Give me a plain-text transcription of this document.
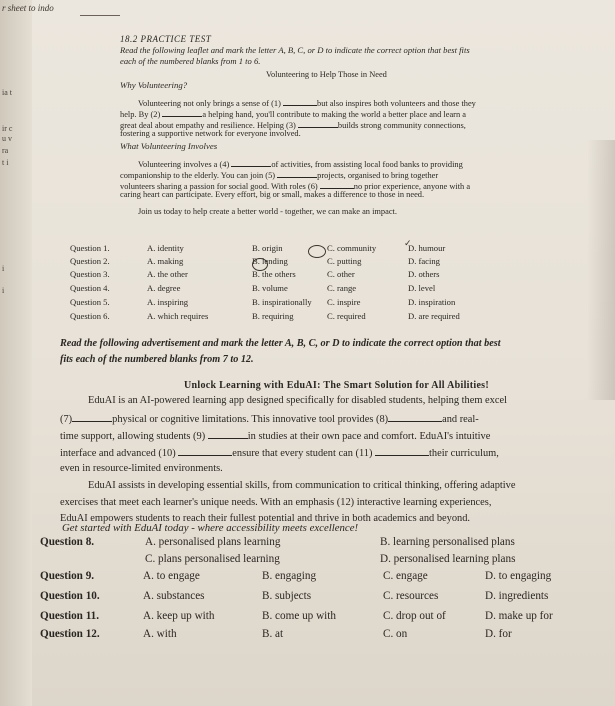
r sheet to indo
ia t
ir c
u v
ra
t i
i
i
18.2 PRACTICE TEST
Read the following leaflet and mark the letter A, B, C, or D to indicate the correct option that best fits
each of the numbered blanks from 1 to 6.
Volunteering to Help Those in Need
Why Volunteering?
Volunteering not only brings a sense of (1)	but also inspires both volunteers and those they
help. By (2)	a helping hand, you'll contribute to making the world a better place and learn a
great deal about empathy and resilience. Helping (3)	builds strong community connections,
fostering a supportive network for everyone involved.
What Volunteering Involves
Volunteering involves a (4)	of activities, from assisting local food banks to providing
companionship to the elderly. You can join (5)	projects, organised to bring together
volunteers sharing a passion for social good. With roles (6)	no prior experience, anyone with a
caring heart can participate. Every effort, big or small, makes a difference to those in need.
Join us today to help create a better world - together, we can make an impact.
Question 1.	A. identity	B. origin	C. community	D. humour
Question 2.	A. making	B. lending	C. putting	D. facing
Question 3.	A. the other	B. the others	C. other	D. others
Question 4.	A. degree	B. volume	C. range	D. level
Question 5.	A. inspiring	B. inspirationally C. inspire	D. inspiration
Question 6.	A. which requires	B. requiring	C. required	D. are required
✓
Read the following advertisement and mark the letter A, B, C, or D to indicate the correct option that best
fits each of the numbered blanks from 7 to 12.
Unlock Learning with EduAI: The Smart Solution for All Abilities!
EduAI is an AI-powered learning app designed specifically for disabled students, helping them excel
(7)	physical or cognitive limitations. This innovative tool provides (8)	and real-
time support, allowing students (9)	in studies at their own pace and comfort. EduAI's intuitive
interface and advanced (10)	ensure that every student can (11)	their curriculum,
even in resource-limited environments.
EduAI assists in developing essential skills, from communication to critical thinking, offering adaptive
exercises that meet each learner's unique needs. With an emphasis (12) interactive learning experiences,
EduAI empowers students to reach their fullest potential and thrive in both academics and beyond.
Get started with EduAI today - where accessibility meets excellence!
Question 8.	A. personalised plans learning	B. learning personalised plans
C. plans personalised learning	D. personalised learning plans
Question 9.	A. to engage	B. engaging	C. engage	D. to engaging
Question 10.	A. substances	B. subjects	C. resources	D. ingredients
Question 11.	A. keep up with	B. come up with	C. drop out of	D. make up for
Question 12.	A. with	B. at	C. on	D. for
